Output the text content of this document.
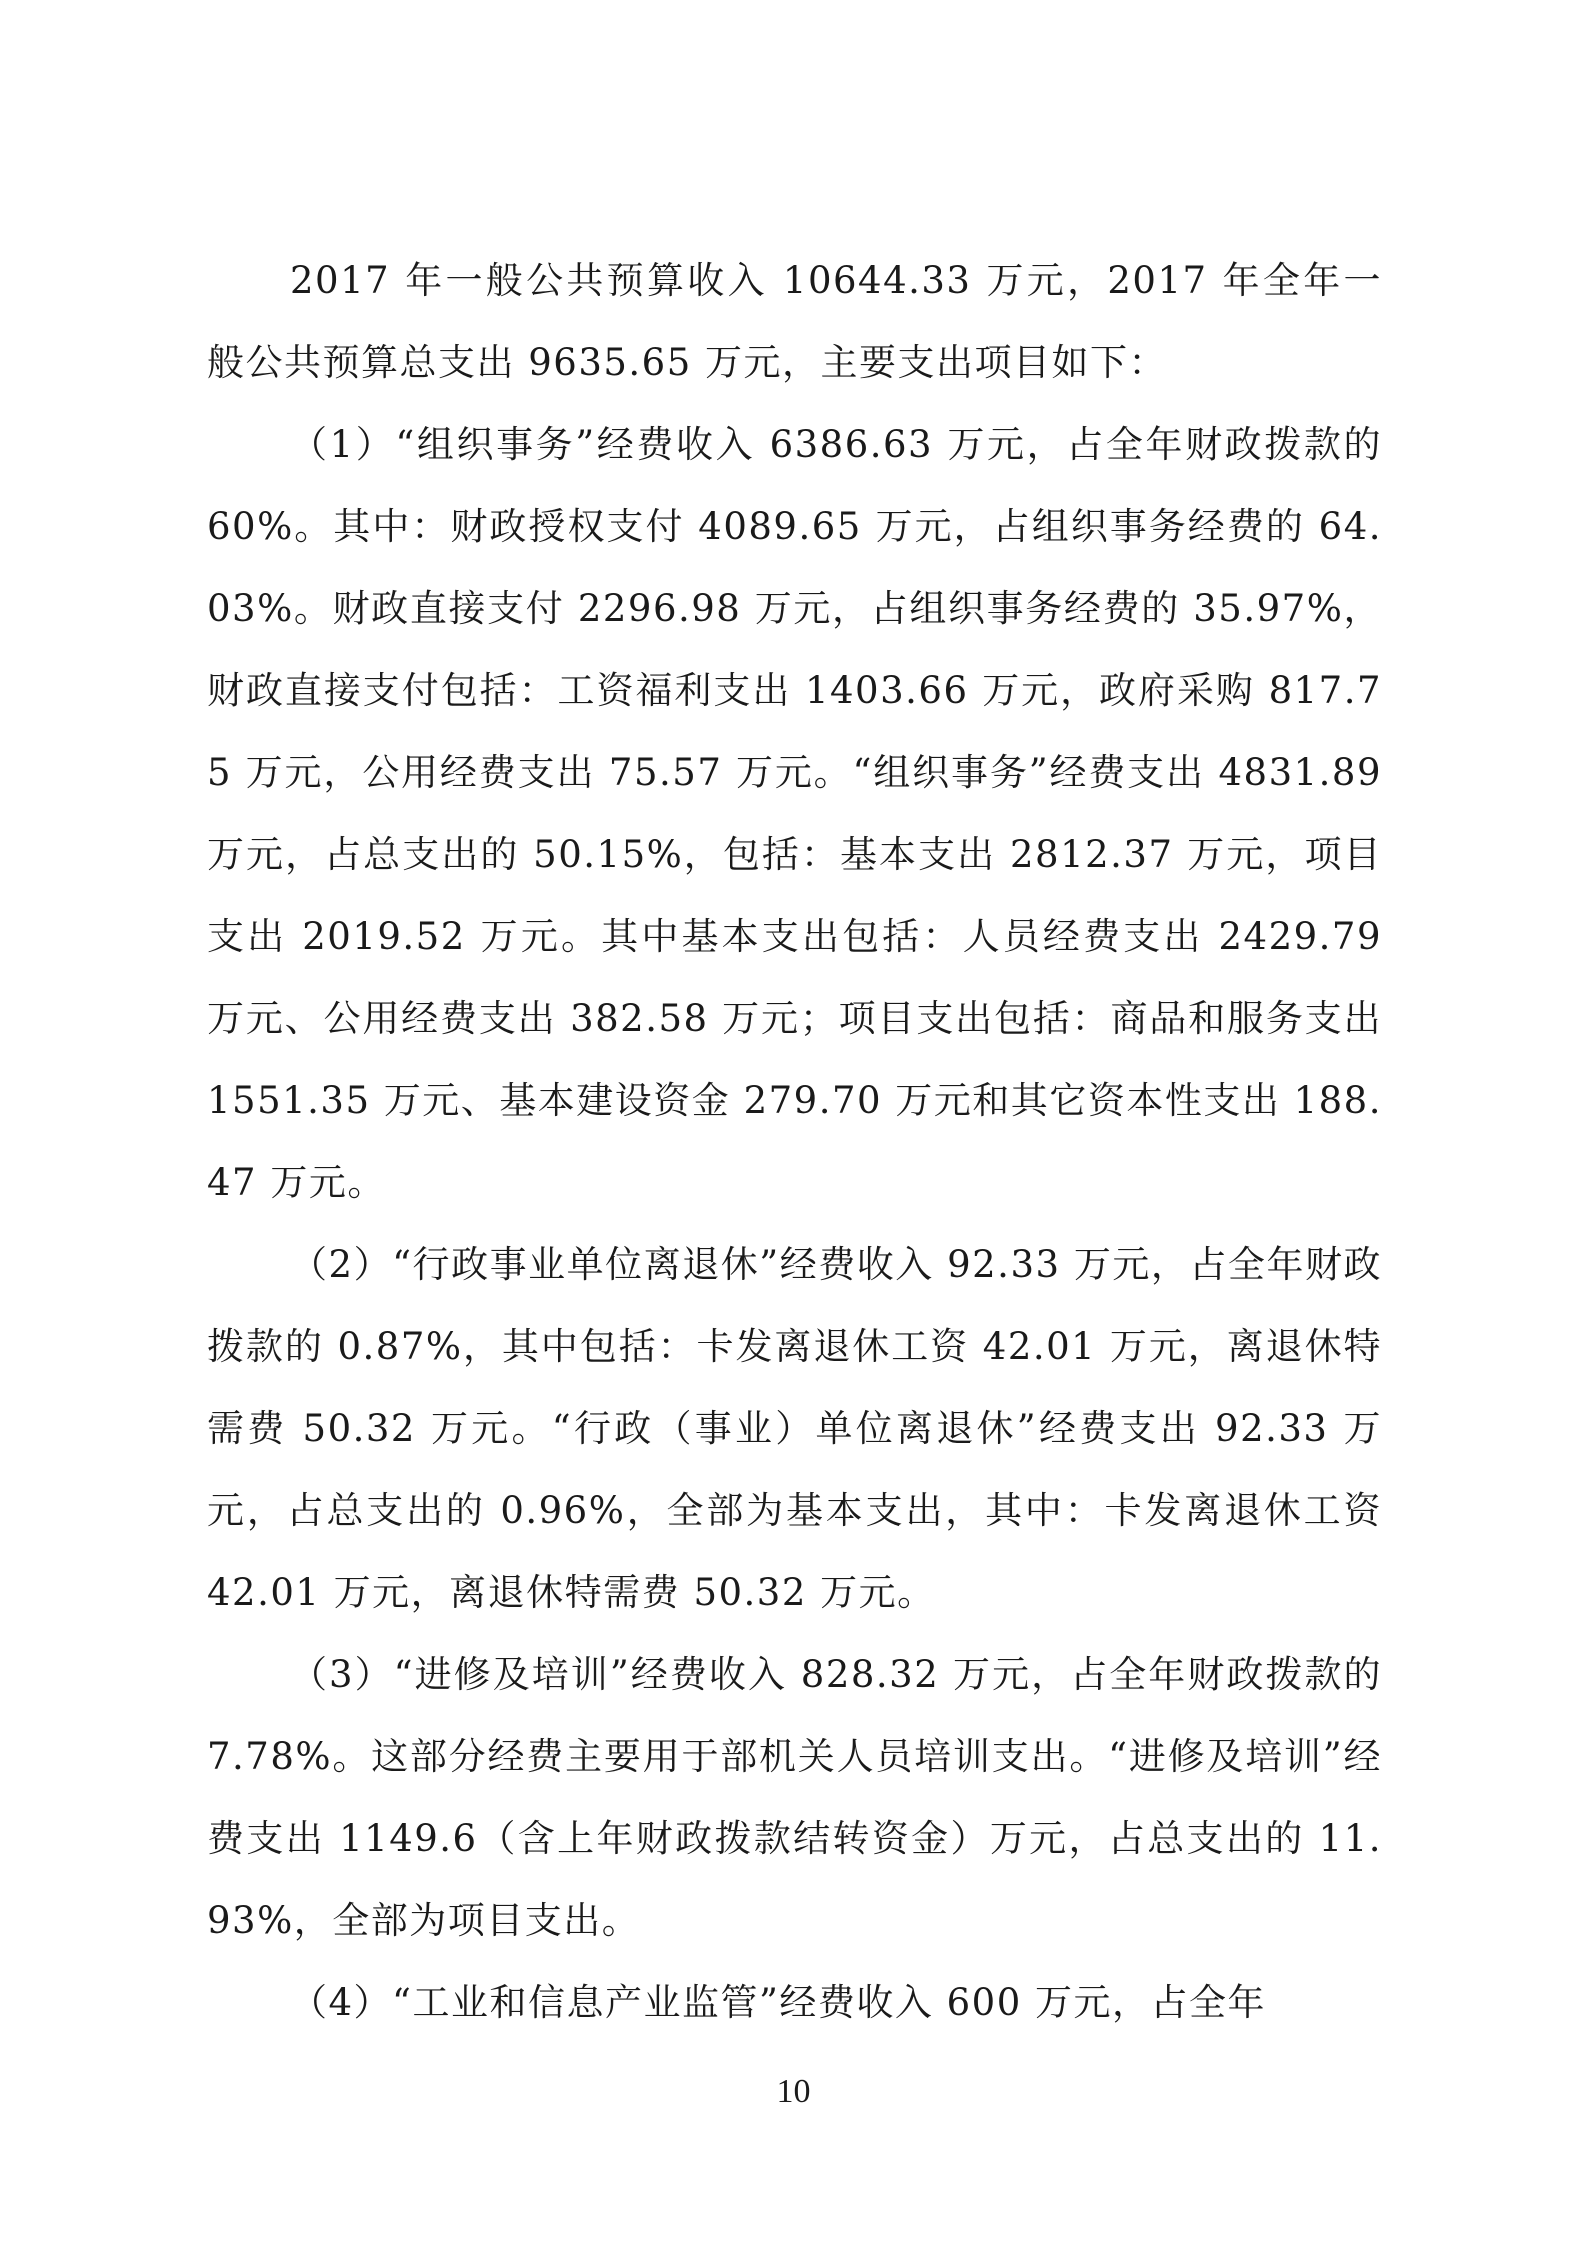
2017 年一般公共预算收入 10644.33 万元，2017 年全年一般公共预算总支出 9635.65 万元，主要支出项目如下：

（1）“组织事务”经费收入 6386.63 万元，占全年财政拨款的 60%。其中：财政授权支付 4089.65 万元，占组织事务经费的 64.03%。财政直接支付 2296.98 万元，占组织事务经费的 35.97%，财政直接支付包括：工资福利支出 1403.66 万元，政府采购 817.75 万元，公用经费支出 75.57 万元。“组织事务”经费支出 4831.89 万元，占总支出的 50.15%，包括：基本支出 2812.37 万元，项目支出 2019.52 万元。其中基本支出包括：人员经费支出 2429.79 万元、公用经费支出 382.58 万元；项目支出包括：商品和服务支出 1551.35 万元、基本建设资金 279.70 万元和其它资本性支出 188.47 万元。

（2）“行政事业单位离退休”经费收入 92.33 万元，占全年财政拨款的 0.87%，其中包括：卡发离退休工资 42.01 万元，离退休特需费 50.32 万元。“行政（事业）单位离退休”经费支出 92.33 万元，占总支出的 0.96%，全部为基本支出，其中：卡发离退休工资 42.01 万元，离退休特需费 50.32 万元。

（3）“进修及培训”经费收入 828.32 万元，占全年财政拨款的 7.78%。这部分经费主要用于部机关人员培训支出。“进修及培训”经费支出 1149.6（含上年财政拨款结转资金）万元，占总支出的 11.93%，全部为项目支出。

（4）“工业和信息产业监管”经费收入 600 万元，占全年

10
